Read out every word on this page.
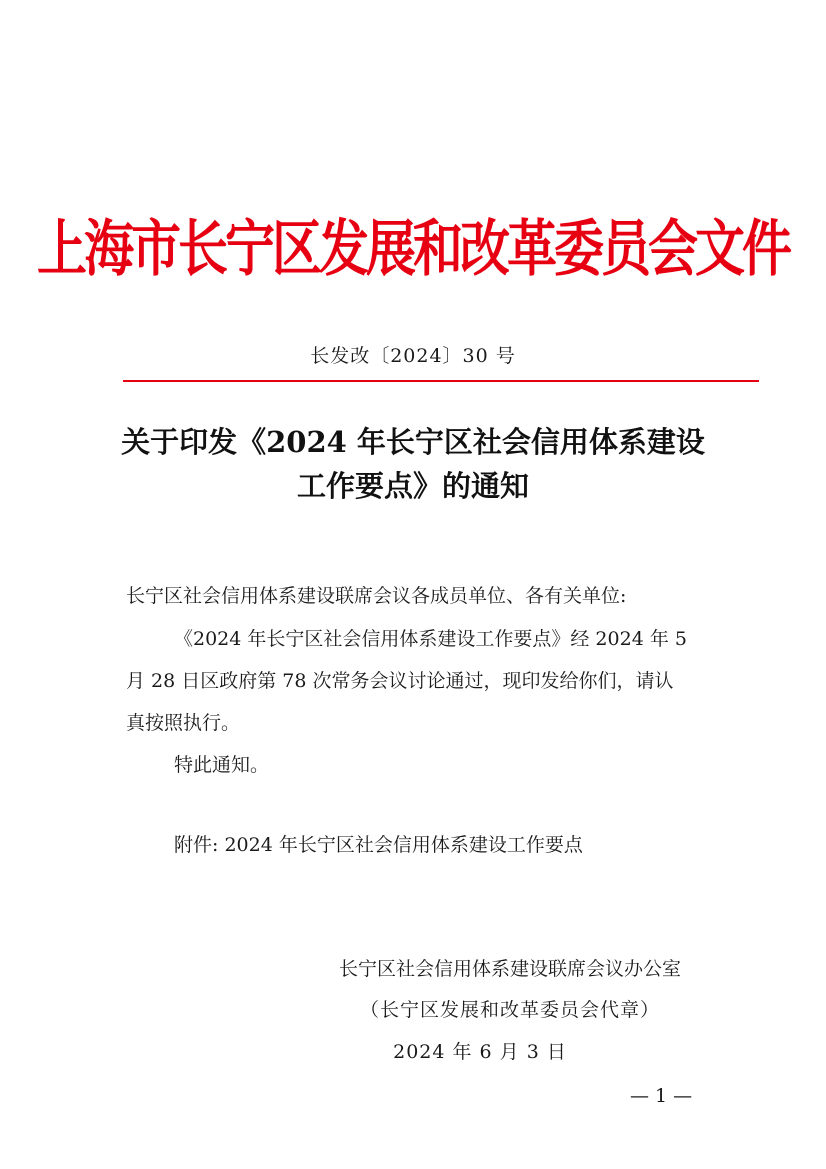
上海市长宁区发展和改革委员会文件
长发改〔2024〕30 号
关于印发《2024 年长宁区社会信用体系建设
工作要点》的通知
长宁区社会信用体系建设联席会议各成员单位、各有关单位:
《2024 年长宁区社会信用体系建设工作要点》经 2024 年 5
月 28 日区政府第 78 次常务会议讨论通过，现印发给你们，请认
真按照执行。
特此通知。
附件: 2024 年长宁区社会信用体系建设工作要点
长宁区社会信用体系建设联席会议办公室
（长宁区发展和改革委员会代章）
2024 年 6 月 3 日
— 1 —
